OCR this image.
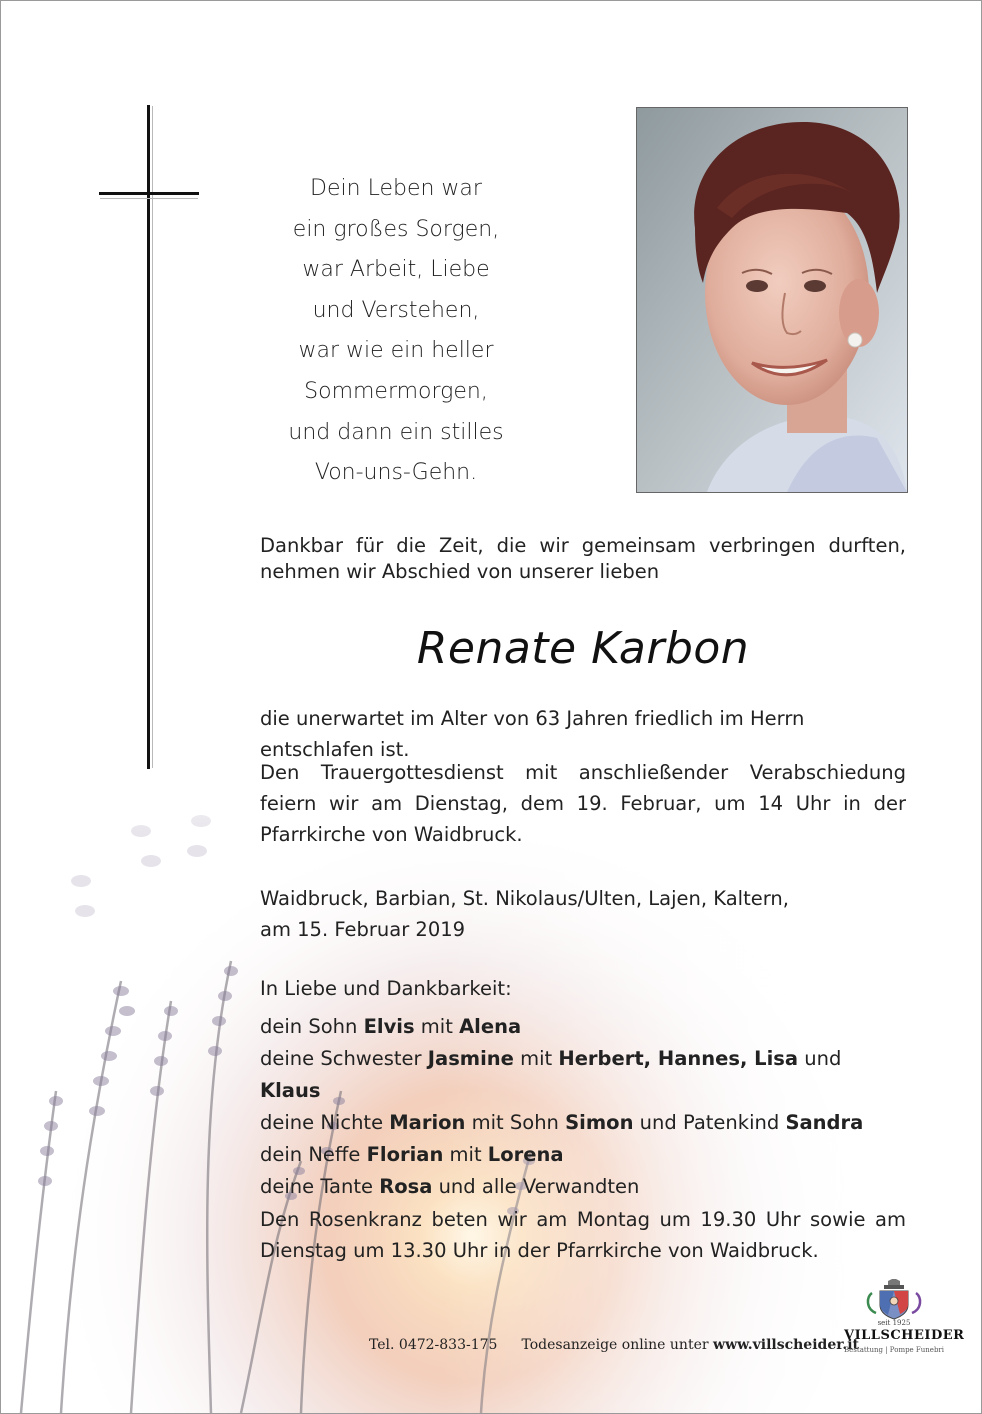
Dein Leben war
ein großes Sorgen,
war Arbeit, Liebe
und Verstehen,
war wie ein heller
Sommermorgen,
und dann ein stilles
Von-uns-Gehn.
Dankbar für die Zeit, die wir gemeinsam verbringen durften, nehmen wir Abschied von unserer lieben
Renate Karbon
die unerwartet im Alter von 63 Jahren friedlich im Herrn entschlafen ist.
Den Trauergottesdienst mit anschließender Verabschiedung feiern wir am Dienstag, dem 19. Februar, um 14 Uhr in der Pfarrkirche von Waidbruck.
Waidbruck, Barbian, St. Nikolaus/Ulten, Lajen, Kaltern,
am 15. Februar 2019
In Liebe und Dankbarkeit:
dein Sohn Elvis mit Alena
deine Schwester Jasmine mit Herbert, Hannes, Lisa und Klaus
deine Nichte Marion mit Sohn Simon und Patenkind Sandra
dein Neffe Florian mit Lorena
deine Tante Rosa und alle Verwandten
Den Rosenkranz beten wir am Montag um 19.30 Uhr sowie am Dienstag um 13.30 Uhr in der Pfarrkirche von Waidbruck.
Tel. 0472-833-175 Todesanzeige online unter www.villscheider.it
seit 1925
VILLSCHEIDER
Bestattung | Pompe Funebri
